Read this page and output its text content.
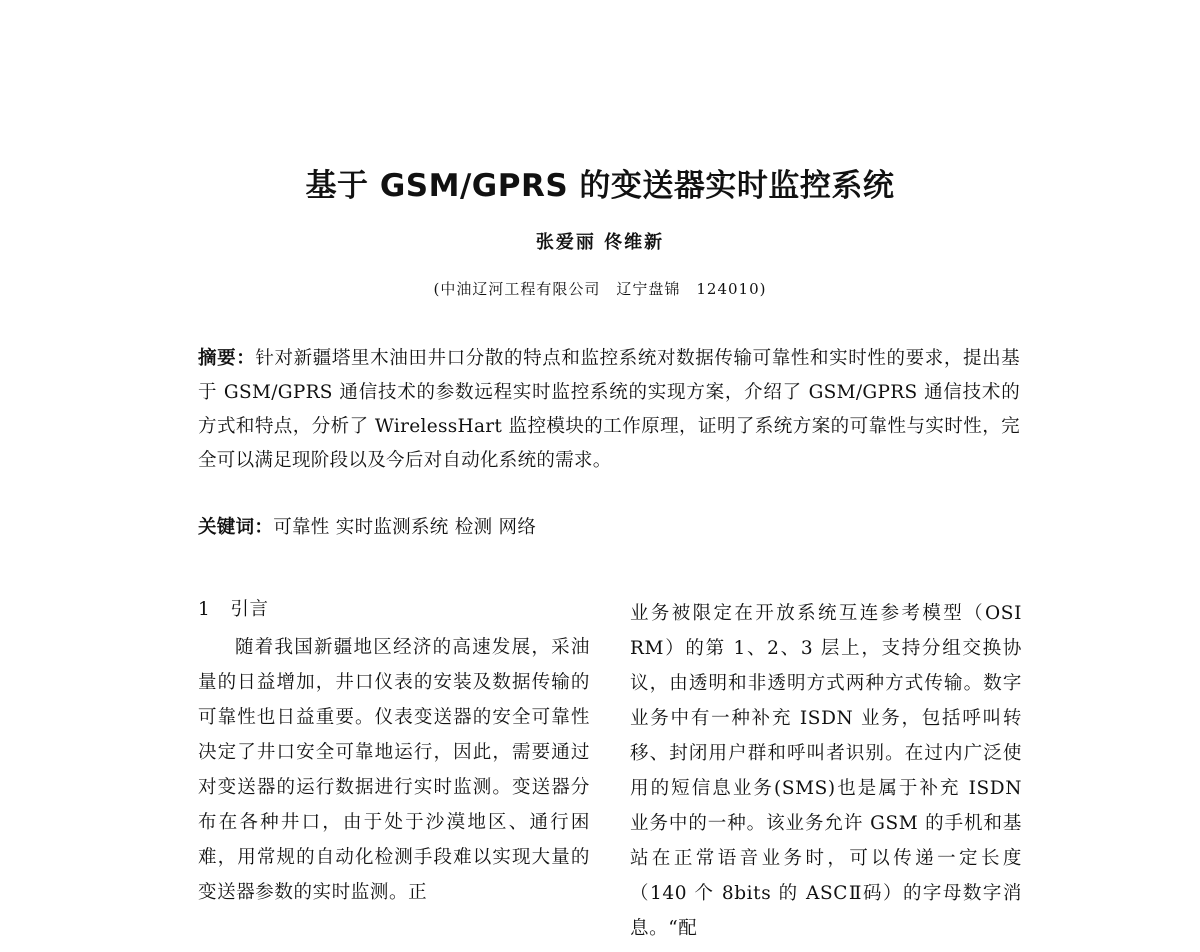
基于 GSM/GPRS 的变送器实时监控系统
张爱丽 佟维新
(中油辽河工程有限公司　辽宁盘锦　124010)
摘要：针对新疆塔里木油田井口分散的特点和监控系统对数据传输可靠性和实时性的要求，提出基于 GSM/GPRS 通信技术的参数远程实时监控系统的实现方案，介绍了 GSM/GPRS 通信技术的方式和特点，分析了 WirelessHart 监控模块的工作原理，证明了系统方案的可靠性与实时性，完全可以满足现阶段以及今后对自动化系统的需求。
关键词：可靠性 实时监测系统 检测 网络
1 引言

随着我国新疆地区经济的高速发展，采油量的日益增加，井口仪表的安装及数据传输的可靠性也日益重要。仪表变送器的安全可靠性决定了井口安全可靠地运行，因此，需要通过对变送器的运行数据进行实时监测。变送器分布在各种井口，由于处于沙漠地区、通行困难，用常规的自动化检测手段难以实现大量的变送器参数的实时监测。正

业务被限定在开放系统互连参考模型（OSI RM）的第 1、2、3 层上，支持分组交换协议，由透明和非透明方式两种方式传输。数字业务中有一种补充 ISDN 业务，包括呼叫转移、封闭用户群和呼叫者识别。在过内广泛使用的短信息业务(SMS)也是属于补充 ISDN 业务中的一种。该业务允许 GSM 的手机和基站在正常语音业务时，可以传递一定长度（140 个 8bits 的 ASCⅡ码）的字母数字消息。“配
